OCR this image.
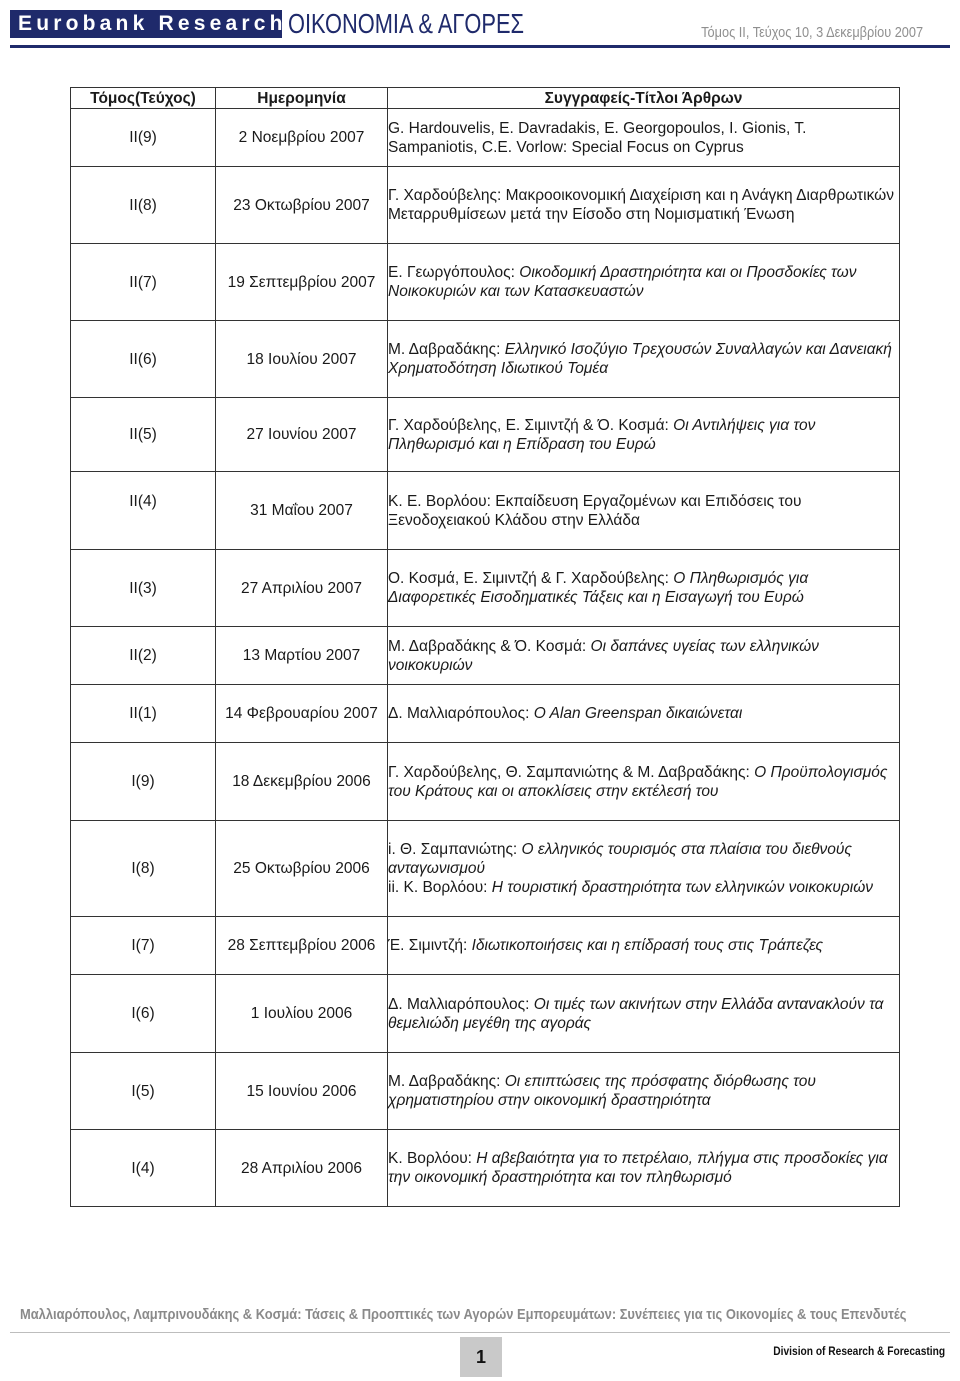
Eurobank Research ΟΙΚΟΝΟΜΙΑ & ΑΓΟΡΕΣ	Τόμος ΙΙ, Τεύχος 10, 3 Δεκεμβρίου 2007
Τόμος(Τεύχος)	Ημερομηνία	Συγγραφείς-Τίτλοι Άρθρων
ΙΙ(9)	2 Νοεμβρίου 2007	G. Hardouvelis, E. Davradakis, E. Georgopoulos, I. Gionis, T. Sampaniotis, C.E. Vorlow: Special Focus on Cyprus
ΙΙ(8)	23 Οκτωβρίου 2007	Γ. Χαρδούβελης: Μακροοικονομική Διαχείριση και η Ανάγκη Διαρθρωτικών Μεταρρυθμίσεων μετά την Είσοδο στη Νομισματική Ένωση
ΙΙ(7)	19 Σεπτεμβρίου 2007	Ε. Γεωργόπουλος: Οικοδομική Δραστηριότητα και οι Προσδοκίες των Νοικοκυριών και των Κατασκευαστών
ΙΙ(6)	18 Ιουλίου 2007	Μ. Δαβραδάκης: Ελληνικό Ισοζύγιο Τρεχουσών Συναλλαγών και Δανειακή Χρηματοδότηση Ιδιωτικού Τομέα
ΙΙ(5)	27 Ιουνίου 2007	Γ. Χαρδούβελης, Ε. Σιμιντζή & Ό. Κοσμά: Οι Αντιλήψεις για τον Πληθωρισμό και η Επίδραση του Ευρώ
ΙΙ(4)	31 Μαΐου 2007	Κ. Ε. Βορλόου: Εκπαίδευση Εργαζομένων και Επιδόσεις του Ξενοδοχειακού Κλάδου στην Ελλάδα
ΙΙ(3)	27 Απριλίου 2007	Ο. Κοσμά, Ε. Σιμιντζή & Γ. Χαρδούβελης: Ο Πληθωρισμός για Διαφορετικές Εισοδηματικές Τάξεις και η Εισαγωγή του Ευρώ
ΙΙ(2)	13 Μαρτίου 2007	Μ. Δαβραδάκης & Ό. Κοσμά: Οι δαπάνες υγείας των ελληνικών νοικοκυριών
ΙΙ(1)	14 Φεβρουαρίου 2007	Δ. Μαλλιαρόπουλος: O Alan Greenspan δικαιώνεται
Ι(9)	18 Δεκεμβρίου 2006	Γ. Χαρδούβελης, Θ. Σαμπανιώτης & Μ. Δαβραδάκης: Ο Προϋπολογισμός του Κράτους και οι αποκλίσεις στην εκτέλεσή του
Ι(8)	25 Οκτωβρίου 2006	i. Θ. Σαμπανιώτης: Ο ελληνικός τουρισμός στα πλαίσια του διεθνούς ανταγωνισμού
ii. Κ. Βορλόου: Η τουριστική δραστηριότητα των ελληνικών νοικοκυριών
Ι(7)	28 Σεπτεμβρίου 2006	Έ. Σιμιντζή: Ιδιωτικοποιήσεις και η επίδρασή τους στις Τράπεζες
Ι(6)	1 Ιουλίου 2006	Δ. Μαλλιαρόπουλος: Οι τιμές των ακινήτων στην Ελλάδα αντανακλούν τα θεμελιώδη μεγέθη της αγοράς
Ι(5)	15 Ιουνίου 2006	Μ. Δαβραδάκης: Οι επιπτώσεις της πρόσφατης διόρθωσης του χρηματιστηρίου στην οικονομική δραστηριότητα
Ι(4)	28 Απριλίου 2006	Κ. Βορλόου: Η αβεβαιότητα για το πετρέλαιο, πλήγμα στις προσδοκίες για την οικονομική δραστηριότητα και τον πληθωρισμό
Μαλλιαρόπουλος, Λαμπρινουδάκης & Κοσμά: Τάσεις & Προοπτικές των Αγορών Εμπορευμάτων: Συνέπειες για τις Οικονομίες & τους Επενδυτές
1	Division of Research & Forecasting
